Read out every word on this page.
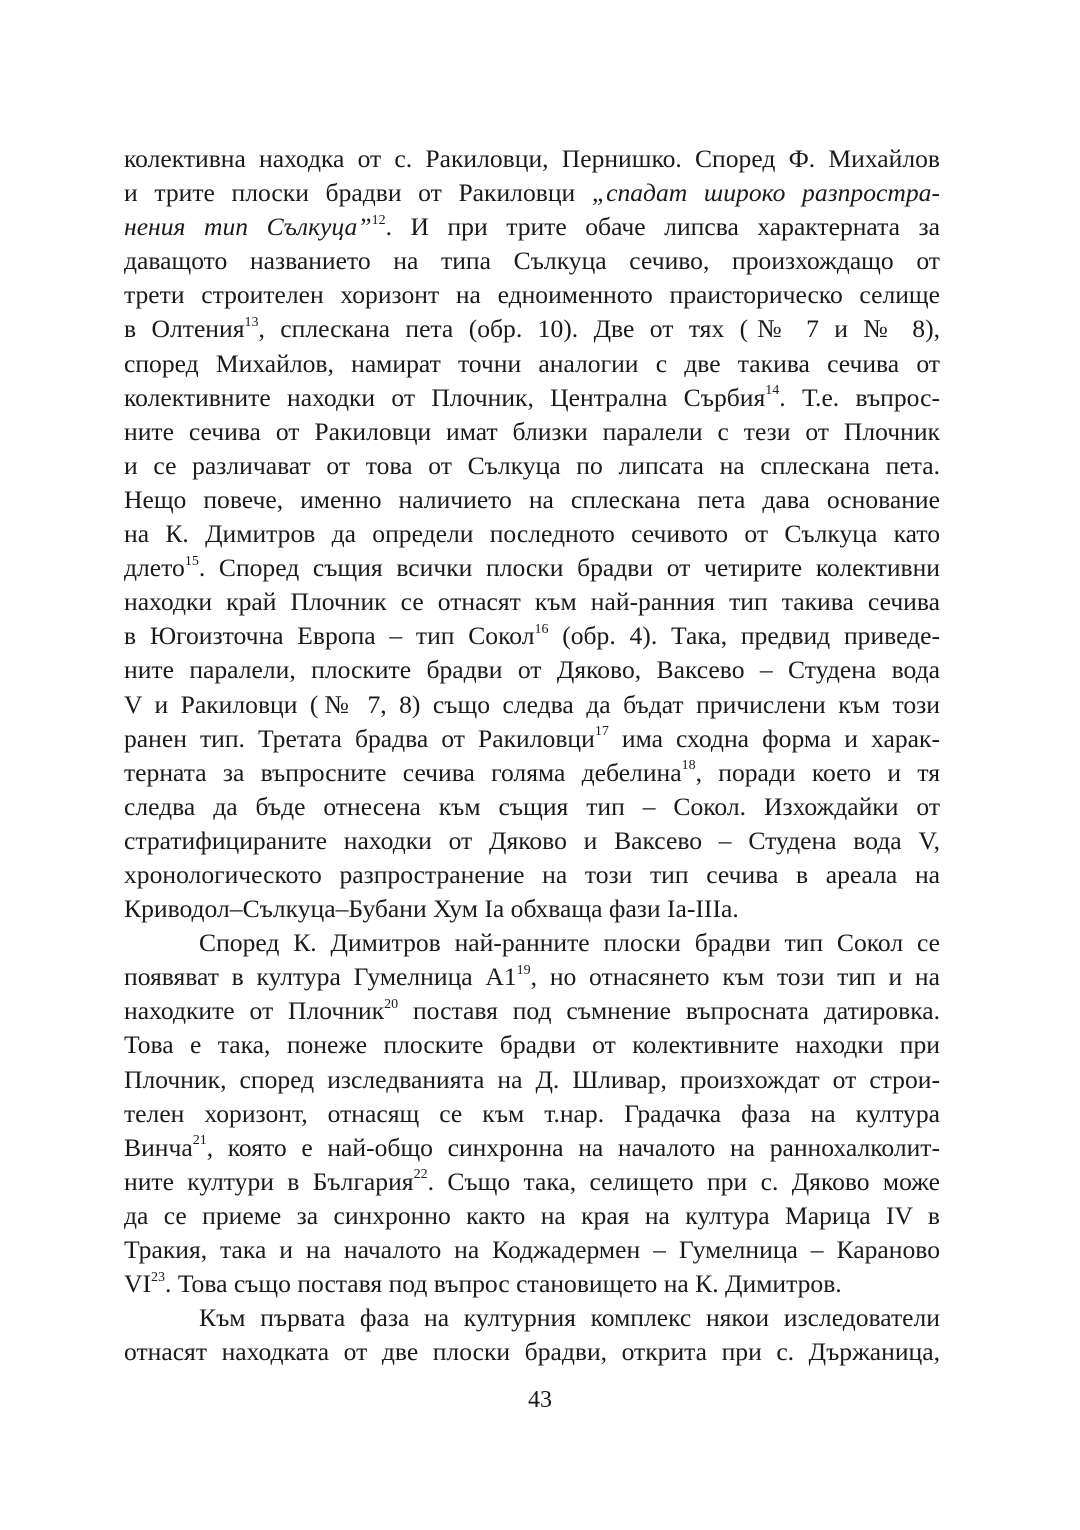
колективна находка от с. Ракиловци, Пернишко. Според Ф. Михайлов
и трите плоски брадви от Ракиловци „спадат широко разпростра-
нения тип Сълкуца”$^{12}$. И при трите обаче липсва характерната за
даващото названието на типа Сълкуца сечиво, произхождащо от
трети строителен хоризонт на едноименното праисторическо селище
в Олтения$^{13}$, сплескана пета (обр. 10). Две от тях (№ 7 и № 8),
според Михайлов, намират точни аналогии с две такива сечива от
колективните находки от Плочник, Централна Сърбия$^{14}$. Т.е. въпрос-
ните сечива от Ракиловци имат близки паралели с тези от Плочник
и се различават от това от Сълкуца по липсата на сплескана пета.
Нещо повече, именно наличието на сплескана пета дава основание
на К. Димитров да определи последното сечивото от Сълкуца като
длето$^{15}$. Според същия всички плоски брадви от четирите колективни
находки край Плочник се отнасят към най-ранния тип такива сечива
в Югоизточна Европа – тип Сокол$^{16}$ (обр. 4). Така, предвид приведе-
ните паралели, плоските брадви от Дяково, Ваксево – Студена вода
V и Ракиловци (№ 7, 8) също следва да бъдат причислени към този
ранен тип. Третата брадва от Ракиловци$^{17}$ има сходна форма и харак-
терната за въпросните сечива голяма дебелина$^{18}$, поради което и тя
следва да бъде отнесена към същия тип – Сокол. Изхождайки от
стратифицираните находки от Дяково и Ваксево – Студена вода V,
хронологическото разпространение на този тип сечива в ареала на
Криводол–Сълкуца–Бубани Хум Iа обхваща фази Iа-IIIа.
Според К. Димитров най-ранните плоски брадви тип Сокол се
появяват в култура Гумелница $А1^{19}$, но отнасянето към този тип и на
находките от Плочник$^{20}$ поставя под съмнение въпросната датировка.
Това е така, понеже плоските брадви от колективните находки при
Плочник, според изследванията на Д. Шливар, произхождат от строи-
телен хоризонт, отнасящ се към т.нар. Градачка фаза на култура
Винча$^{21}$, която е най-общо синхронна на началото на раннохалколит-
ните култури в България$^{22}$. Също така, селището при с. Дяково може
да се приеме за синхронно както на края на култура Марица IV в
Тракия, така и на началото на Коджадермен – Гумелница – Караново
VI$^{23}$. Това също поставя под въпрос становището на К. Димитров.
Към първата фаза на културния комплекс някои изследователи
отнасят находката от две плоски брадви, открита при с. Държаница,
43
